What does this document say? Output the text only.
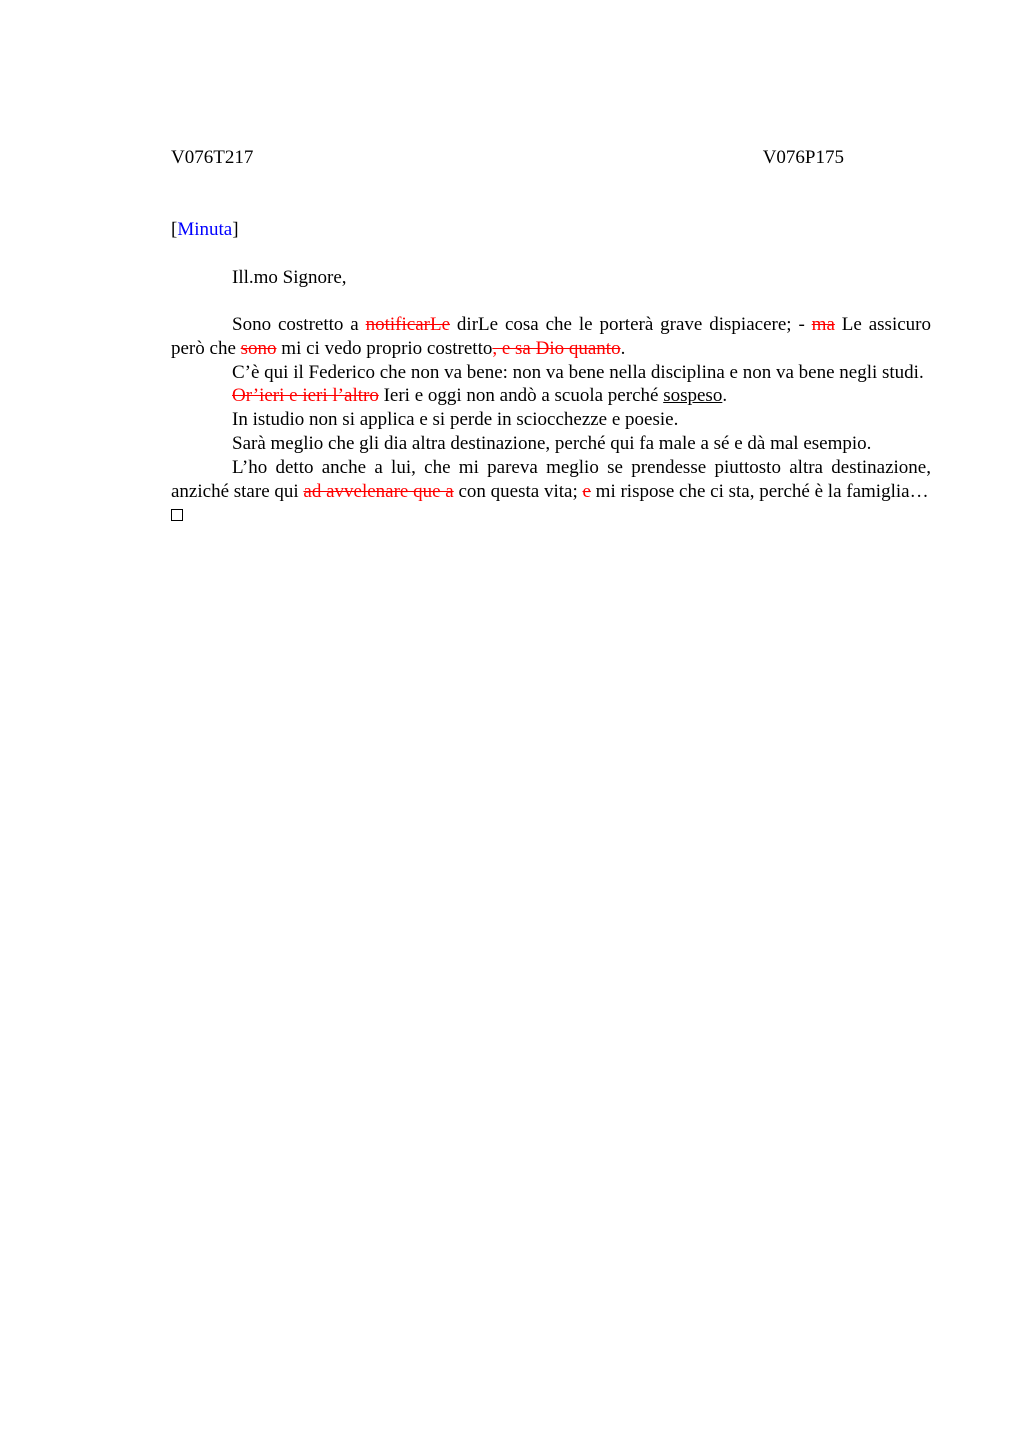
V076T217	V076P175
[Minuta]
Ill.mo Signore,

Sono costretto a notificarLe dirLe cosa che le porterà grave dispiacere; - ma Le assicuro però che sono mi ci vedo proprio costretto, e sa Dio quanto.

C’è qui il Federico che non va bene: non va bene nella disciplina e non va bene negli studi.

Or’ieri e ieri l’altro Ieri e oggi non andò a scuola perché sospeso.

In istudio non si applica e si perde in sciocchezze e poesie.

Sarà meglio che gli dia altra destinazione, perché qui fa male a sé e dà mal esempio.

L’ho detto anche a lui, che mi pareva meglio se prendesse piuttosto altra destinazione, anziché stare qui ad avvelenare que a con questa vita; e mi rispose che ci sta, perché è la famiglia…
